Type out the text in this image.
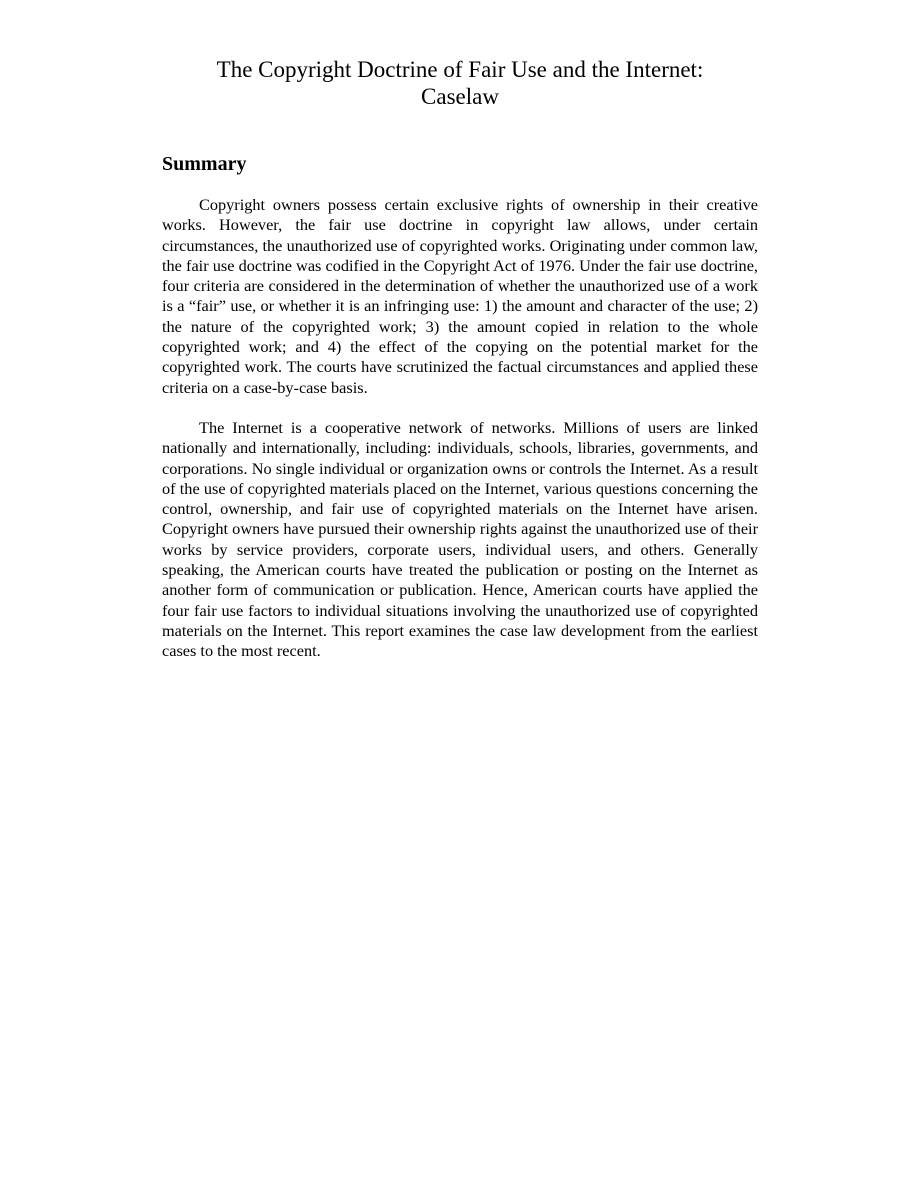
The Copyright Doctrine of Fair Use and the Internet:
Caselaw
Summary

Copyright owners possess certain exclusive rights of ownership in their creative works. However, the fair use doctrine in copyright law allows, under certain circumstances, the unauthorized use of copyrighted works. Originating under common law, the fair use doctrine was codified in the Copyright Act of 1976. Under the fair use doctrine, four criteria are considered in the determination of whether the unauthorized use of a work is a “fair” use, or whether it is an infringing use: 1) the amount and character of the use; 2) the nature of the copyrighted work; 3) the amount copied in relation to the whole copyrighted work; and 4) the effect of the copying on the potential market for the copyrighted work. The courts have scrutinized the factual circumstances and applied these criteria on a case-by-case basis.

The Internet is a cooperative network of networks. Millions of users are linked nationally and internationally, including: individuals, schools, libraries, governments, and corporations. No single individual or organization owns or controls the Internet. As a result of the use of copyrighted materials placed on the Internet, various questions concerning the control, ownership, and fair use of copyrighted materials on the Internet have arisen. Copyright owners have pursued their ownership rights against the unauthorized use of their works by service providers, corporate users, individual users, and others. Generally speaking, the American courts have treated the publication or posting on the Internet as another form of communication or publication. Hence, American courts have applied the four fair use factors to individual situations involving the unauthorized use of copyrighted materials on the Internet. This report examines the case law development from the earliest cases to the most recent.
